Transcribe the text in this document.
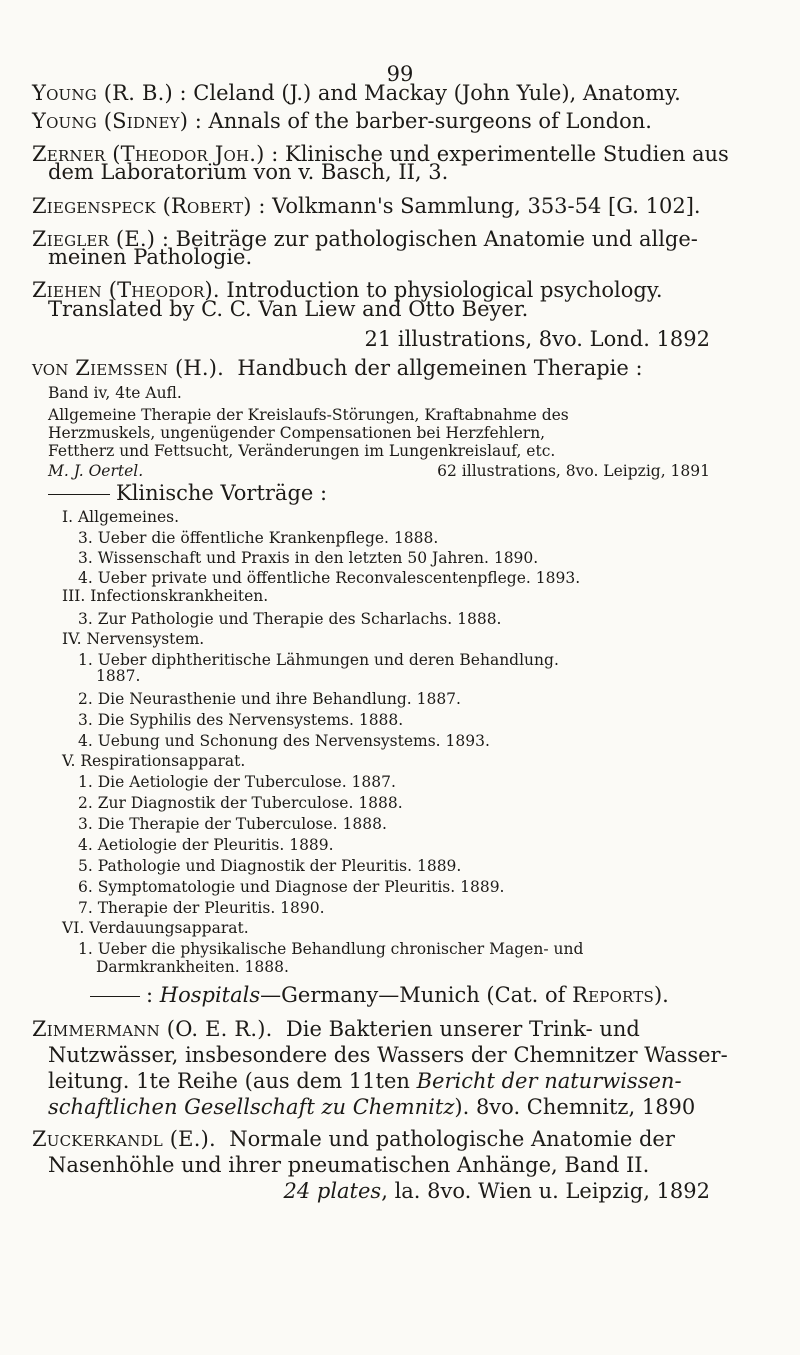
99
Young (R. B.) : Cleland (J.) and Mackay (John Yule), Anatomy.
Young (Sidney) : Annals of the barber-surgeons of London.
Zerner (Theodor Joh.) : Klinische und experimentelle Studien aus
dem Laboratorium von v. Basch, II, 3.
Ziegenspeck (Robert) : Volkmann's Sammlung, 353-54 [G. 102].
Ziegler (E.) : Beiträge zur pathologischen Anatomie und allge-
meinen Pathologie.
Ziehen (Theodor). Introduction to physiological psychology.
Translated by C. C. Van Liew and Otto Beyer.
21 illustrations, 8vo. Lond. 1892
von Ziemssen (H.). Handbuch der allgemeinen Therapie :
Band iv, 4te Aufl.
Allgemeine Therapie der Kreislaufs-Störungen, Kraftabnahme des
Herzmuskels, ungenügender Compensationen bei Herzfehlern,
Fettherz und Fettsucht, Veränderungen im Lungenkreislauf, etc.
M. J. Oertel.	62 illustrations, 8vo. Leipzig, 1891
Klinische Vorträge :
I. Allgemeines.
3. Ueber die öffentliche Krankenpflege. 1888.
3. Wissenschaft und Praxis in den letzten 50 Jahren. 1890.
4. Ueber private und öffentliche Reconvalescentenpflege. 1893.
III. Infectionskrankheiten.
3. Zur Pathologie und Therapie des Scharlachs. 1888.
IV. Nervensystem.
1. Ueber diphtheritische Lähmungen und deren Behandlung.
1887.
2. Die Neurasthenie und ihre Behandlung. 1887.
3. Die Syphilis des Nervensystems. 1888.
4. Uebung und Schonung des Nervensystems. 1893.
V. Respirationsapparat.
1. Die Aetiologie der Tuberculose. 1887.
2. Zur Diagnostik der Tuberculose. 1888.
3. Die Therapie der Tuberculose. 1888.
4. Aetiologie der Pleuritis. 1889.
5. Pathologie und Diagnostik der Pleuritis. 1889.
6. Symptomatologie und Diagnose der Pleuritis. 1889.
7. Therapie der Pleuritis. 1890.
VI. Verdauungsapparat.
1. Ueber die physikalische Behandlung chronischer Magen- und
Darmkrankheiten. 1888.
: Hospitals—Germany—Munich (Cat. of Reports).
Zimmermann (O. E. R.). Die Bakterien unserer Trink- und
Nutzwässer, insbesondere des Wassers der Chemnitzer Wasser-
leitung. 1te Reihe (aus dem 11ten Bericht der naturwissen-
schaftlichen Gesellschaft zu Chemnitz). 8vo. Chemnitz, 1890
Zuckerkandl (E.). Normale und pathologische Anatomie der
Nasenhöhle und ihrer pneumatischen Anhänge, Band II.
24 plates, la. 8vo. Wien u. Leipzig, 1892
